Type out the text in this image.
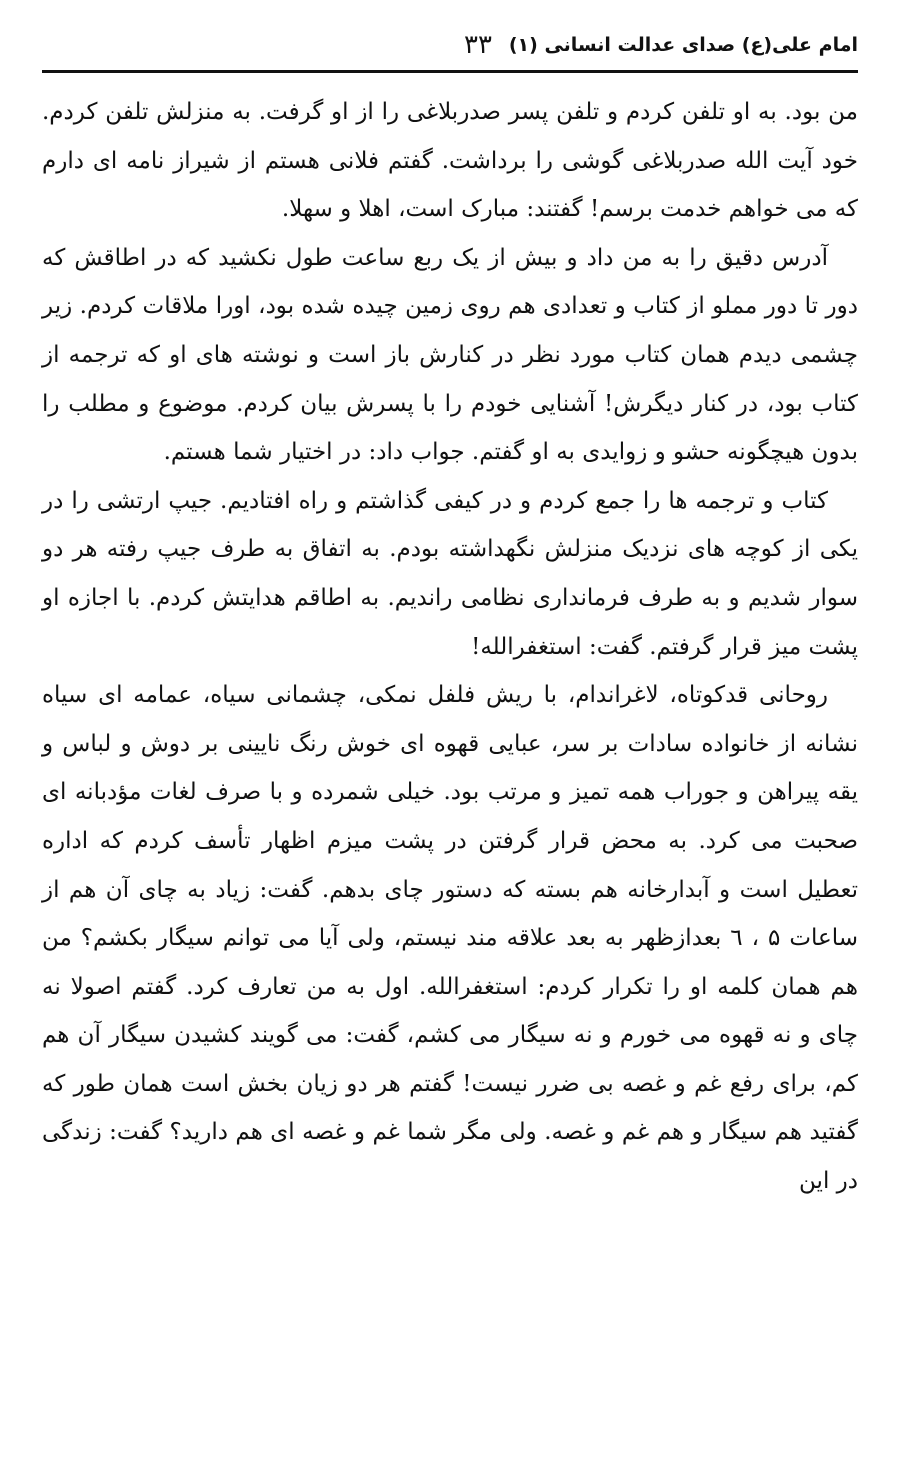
امام علی(ع) صدای عدالت انسانی (۱)
۳۳

من بود. به او تلفن کردم و تلفن پسر صدربلاغی را از او گرفت. به منزلش تلفن کردم. خود آیت الله صدربلاغی گوشی را برداشت. گفتم فلانی هستم از شیراز نامه ای دارم که می خواهم خدمت برسم! گفتند: مبارک است، اهلا و سهلا.

آدرس دقیق را به من داد و بیش از یک ربع ساعت طول نکشید که در اطاقش که دور تا دور مملو از کتاب و تعدادی هم روی زمین چیده شده بود، اورا ملاقات کردم. زیر چشمی دیدم همان کتاب مورد نظر در کنارش باز است و نوشته های او که ترجمه از کتاب بود، در کنار دیگرش! آشنایی خودم را با پسرش بیان کردم. موضوع و مطلب را بدون هیچگونه حشو و زوایدی به او گفتم. جواب داد: در اختیار شما هستم.

کتاب و ترجمه ها را جمع کردم و در کیفی گذاشتم و راه افتادیم. جیپ ارتشی را در یکی از کوچه های نزدیک منزلش نگهداشته بودم. به اتفاق به طرف جیپ رفته هر دو سوار شدیم و به طرف فرمانداری نظامی راندیم. به اطاقم هدایتش کردم. با اجازه او پشت میز قرار گرفتم. گفت: استغفرالله!

روحانی قدکوتاه، لاغراندام، با ریش فلفل نمکی، چشمانی سیاه، عمامه ای سیاه نشانه از خانواده سادات بر سر، عبایی قهوه ای خوش رنگ نایینی بر دوش و لباس و یقه پیراهن و جوراب همه تمیز و مرتب بود. خیلی شمرده و با صرف لغات مؤدبانه ای صحبت می کرد. به محض قرار گرفتن در پشت میزم اظهار تأسف کردم که اداره تعطیل است و آبدارخانه هم بسته که دستور چای بدهم. گفت: زیاد به چای آن هم از ساعات ۵ ، ٦ بعدازظهر به بعد علاقه مند نیستم، ولی آیا می توانم سیگار بکشم؟ من هم همان کلمه او را تکرار کردم: استغفرالله. اول به من تعارف کرد. گفتم اصولا نه چای و نه قهوه می خورم و نه سیگار می کشم، گفت: می گویند کشیدن سیگار آن هم کم، برای رفع غم و غصه بی ضرر نیست! گفتم هر دو زیان بخش است همان طور که گفتید هم سیگار و هم غم و غصه. ولی مگر شما غم و غصه ای هم دارید؟ گفت: زندگی در این
